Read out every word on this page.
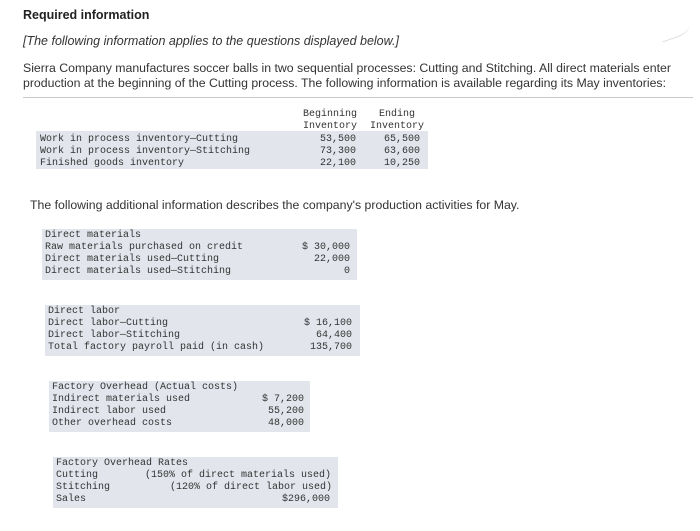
Required information
[The following information applies to the questions displayed below.]
Sierra Company manufactures soccer balls in two sequential processes: Cutting and Stitching. All direct materials enter production at the beginning of the Cutting process. The following information is available regarding its May inventories:
Work in process inventory—Cutting
Work in process inventory—Stitching
Finished goods inventory
Beginning
Inventory
Ending
Inventory
53,500
73,300
22,100
65,500
63,600
10,250
The following additional information describes the company's production activities for May.
Direct materials
Raw materials purchased on credit
Direct materials used—Cutting
Direct materials used—Stitching
$ 30,000
22,000
0
Direct labor
Direct labor—Cutting
Direct labor—Stitching
Total factory payroll paid (in cash)
$ 16,100
64,400
135,700
Factory Overhead (Actual costs)
Indirect materials used
Indirect labor used
Other overhead costs
$ 7,200
55,200
48,000
Factory Overhead Rates
Cutting
Stitching
Sales
(150% of direct materials used)
(120% of direct labor used)
$296,000
